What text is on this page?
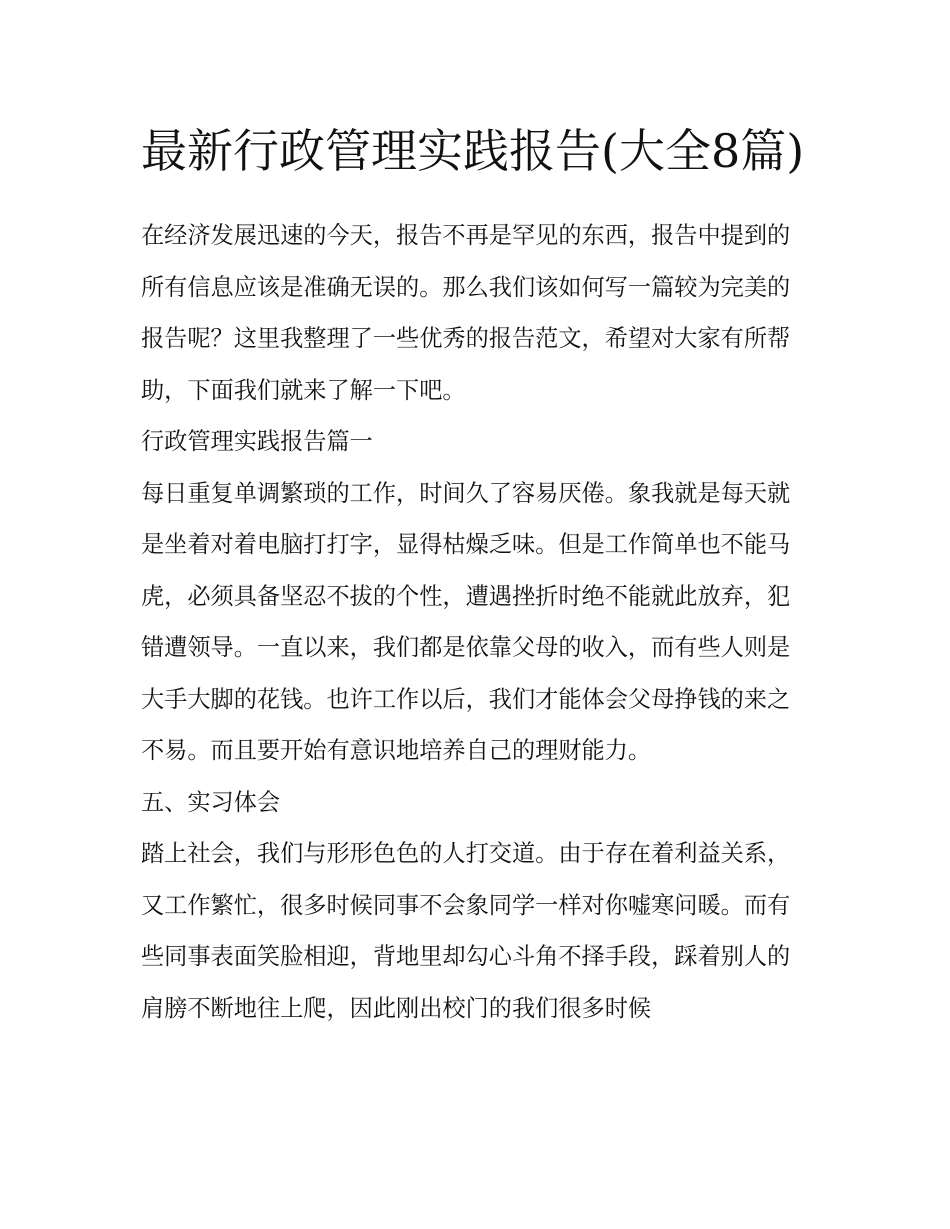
最新行政管理实践报告(大全8篇)

在经济发展迅速的今天，报告不再是罕见的东西，报告中提到的所有信息应该是准确无误的。那么我们该如何写一篇较为完美的报告呢？这里我整理了一些优秀的报告范文，希望对大家有所帮助，下面我们就来了解一下吧。

行政管理实践报告篇一

每日重复单调繁琐的工作，时间久了容易厌倦。象我就是每天就是坐着对着电脑打打字，显得枯燥乏味。但是工作简单也不能马虎，必须具备坚忍不拔的个性，遭遇挫折时绝不能就此放弃，犯错遭领导。一直以来，我们都是依靠父母的收入，而有些人则是大手大脚的花钱。也许工作以后，我们才能体会父母挣钱的来之不易。而且要开始有意识地培养自己的理财能力。

五、实习体会

踏上社会，我们与形形色色的人打交道。由于存在着利益关系，又工作繁忙，很多时候同事不会象同学一样对你嘘寒问暖。而有些同事表面笑脸相迎，背地里却勾心斗角不择手段，踩着别人的肩膀不断地往上爬，因此刚出校门的我们很多时候
